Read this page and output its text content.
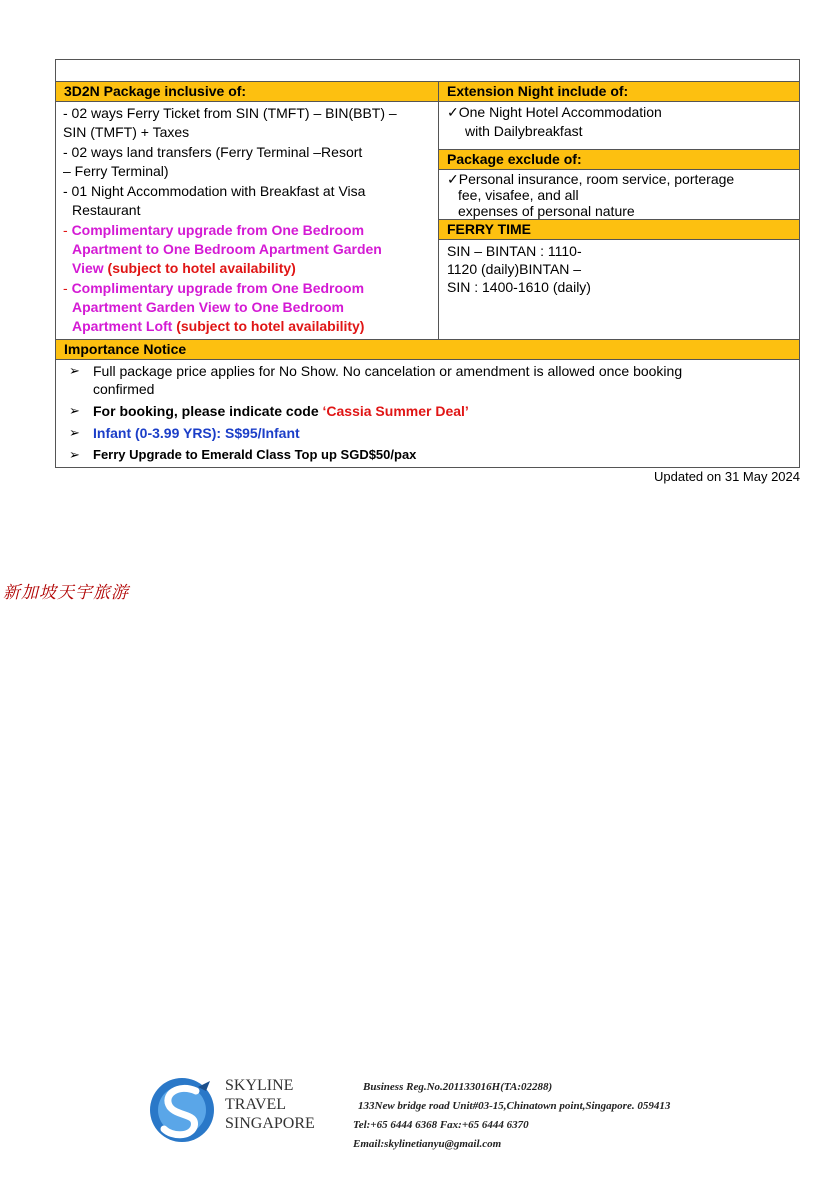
3D2N Package inclusive of:
- 02 ways Ferry Ticket from SIN (TMFT) – BIN(BBT) –
SIN (TMFT) + Taxes
- 02 ways land transfers (Ferry Terminal –Resort
– Ferry Terminal)
- 01 Night Accommodation with Breakfast at Visa

Restaurant
- Complimentary upgrade from One Bedroom
Apartment to One Bedroom Apartment Garden
View (subject to hotel availability)
- Complimentary upgrade from One Bedroom
Apartment Garden View to One Bedroom
Apartment Loft (subject to hotel availability)
Extension Night include of:
✓One Night Hotel Accommodation
with Dailybreakfast
Package exclude of:
✓Personal insurance, room service, porterage
fee, visafee, and all
expenses of personal nature
FERRY TIME
SIN – BINTAN : 1110-
1120 (daily)BINTAN –
SIN : 1400-1610 (daily)
Importance Notice
➢ Full package price applies for No Show. No cancelation or amendment is allowed once booking
confirmed
➢ For booking, please indicate code ‘Cassia Summer Deal’
➢ Infant (0-3.99 YRS): S$95/Infant
➢	Ferry Upgrade to Emerald Class Top up SGD$50/pax
Updated on 31 May 2024
新加坡天宇旅游
SKYLINE
TRAVEL
SINGAPORE
Business Reg.No.201133016H(TA:02288)
133New bridge road Unit#03-15,Chinatown point,Singapore. 059413
Tel:+65 6444 6368 Fax:+65 6444 6370
Email:skylinetianyu@gmail.com
